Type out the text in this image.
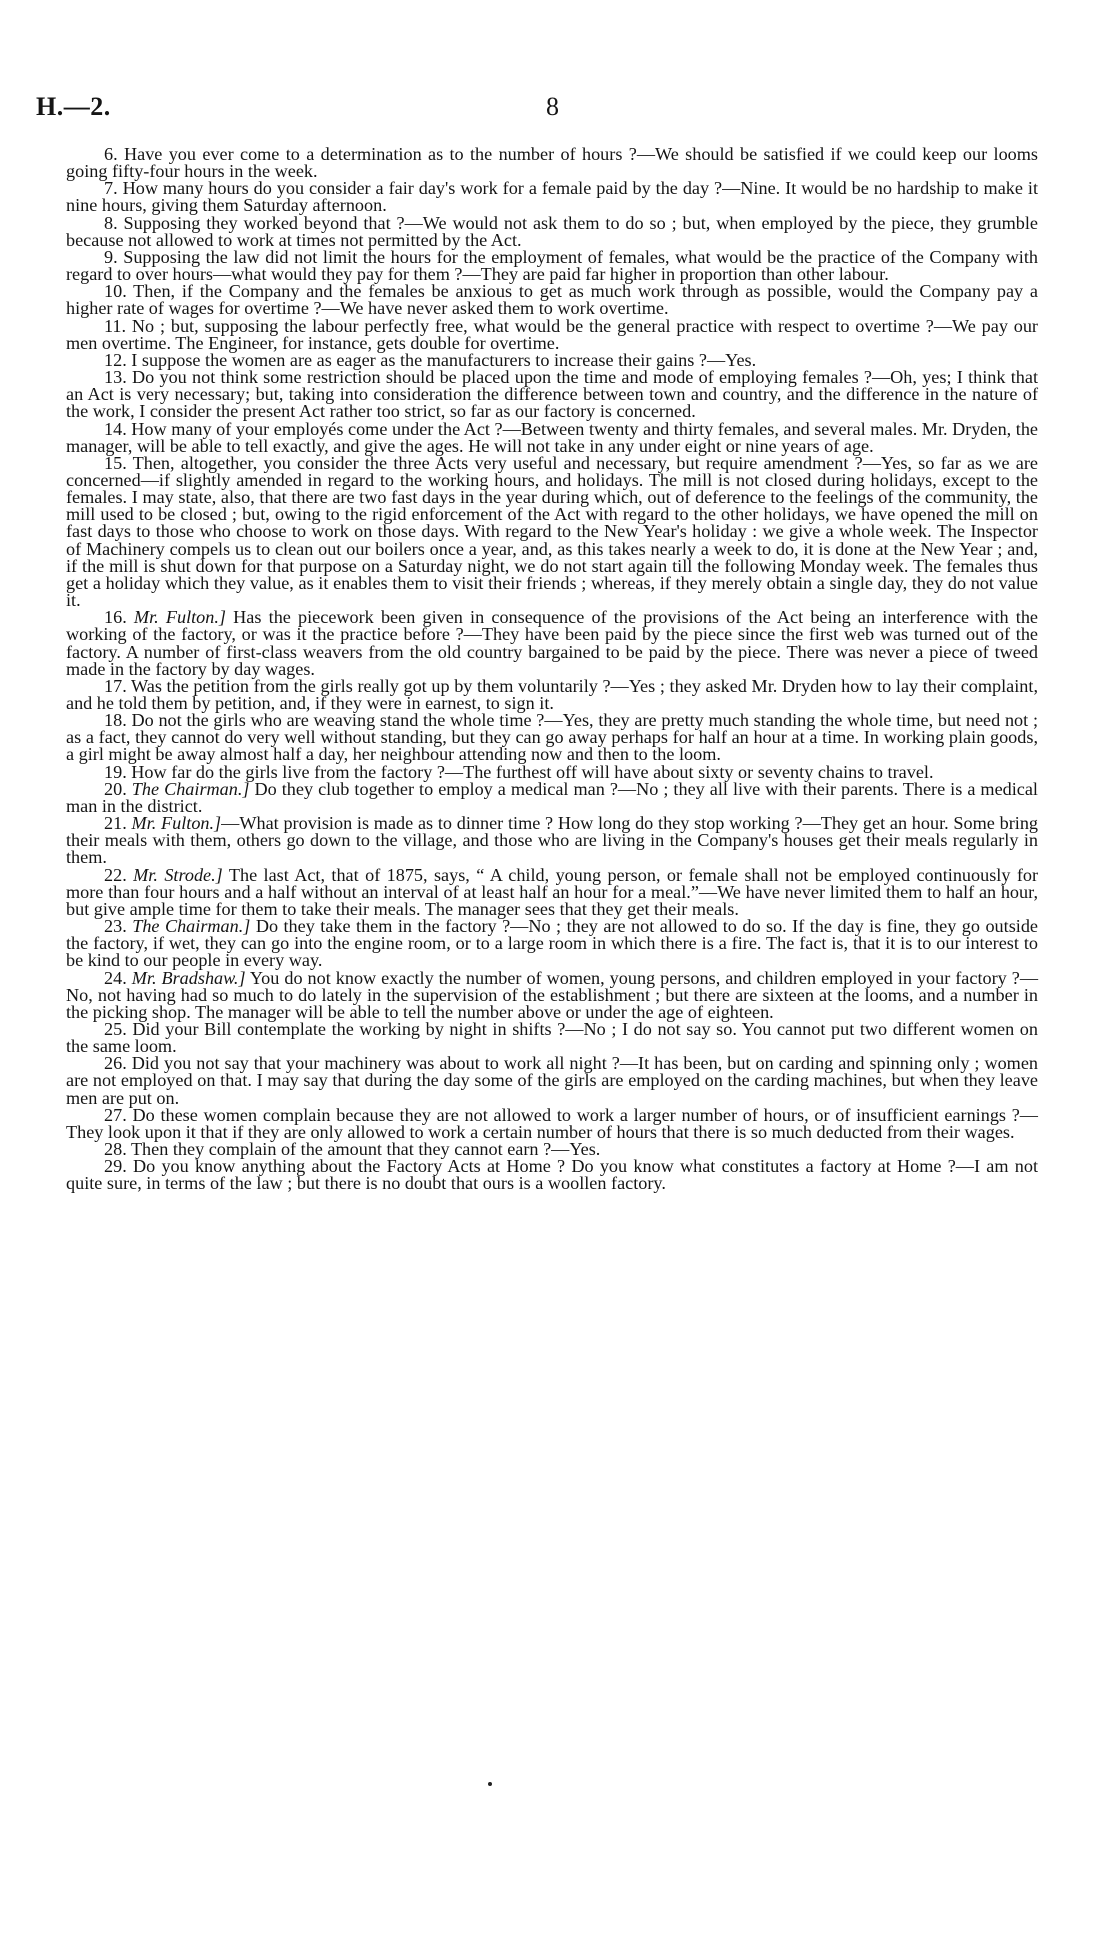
H.—2.	8

6. Have you ever come to a determination as to the number of hours ?—We should be satisfied if we could keep our looms going fifty-four hours in the week.

7. How many hours do you consider a fair day's work for a female paid by the day ?—Nine. It would be no hardship to make it nine hours, giving them Saturday afternoon.

8. Supposing they worked beyond that ?—We would not ask them to do so ; but, when employed by the piece, they grumble because not allowed to work at times not permitted by the Act.

9. Supposing the law did not limit the hours for the employment of females, what would be the practice of the Company with regard to over hours—what would they pay for them ?—They are paid far higher in proportion than other labour.

10. Then, if the Company and the females be anxious to get as much work through as possible, would the Company pay a higher rate of wages for overtime ?—We have never asked them to work overtime.

11. No ; but, supposing the labour perfectly free, what would be the general practice with respect to overtime ?—We pay our men overtime. The Engineer, for instance, gets double for overtime.

12. I suppose the women are as eager as the manufacturers to increase their gains ?—Yes.

13. Do you not think some restriction should be placed upon the time and mode of employing females ?—Oh, yes; I think that an Act is very necessary; but, taking into consideration the difference between town and country, and the difference in the nature of the work, I consider the present Act rather too strict, so far as our factory is concerned.

14. How many of your employés come under the Act ?—Between twenty and thirty females, and several males. Mr. Dryden, the manager, will be able to tell exactly, and give the ages. He will not take in any under eight or nine years of age.

15. Then, altogether, you consider the three Acts very useful and necessary, but require amendment ?—Yes, so far as we are concerned—if slightly amended in regard to the working hours, and holidays. The mill is not closed during holidays, except to the females. I may state, also, that there are two fast days in the year during which, out of deference to the feelings of the community, the mill used to be closed ; but, owing to the rigid enforcement of the Act with regard to the other holidays, we have opened the mill on fast days to those who choose to work on those days. With regard to the New Year's holiday : we give a whole week. The Inspector of Machinery compels us to clean out our boilers once a year, and, as this takes nearly a week to do, it is done at the New Year ; and, if the mill is shut down for that purpose on a Saturday night, we do not start again till the following Monday week. The females thus get a holiday which they value, as it enables them to visit their friends ; whereas, if they merely obtain a single day, they do not value it.

16. Mr. Fulton.] Has the piecework been given in consequence of the provisions of the Act being an interference with the working of the factory, or was it the practice before ?—They have been paid by the piece since the first web was turned out of the factory. A number of first-class weavers from the old country bargained to be paid by the piece. There was never a piece of tweed made in the factory by day wages.

17. Was the petition from the girls really got up by them voluntarily ?—Yes ; they asked Mr. Dryden how to lay their complaint, and he told them by petition, and, if they were in earnest, to sign it.

18. Do not the girls who are weaving stand the whole time ?—Yes, they are pretty much standing the whole time, but need not ; as a fact, they cannot do very well without standing, but they can go away perhaps for half an hour at a time. In working plain goods, a girl might be away almost half a day, her neighbour attending now and then to the loom.

19. How far do the girls live from the factory ?—The furthest off will have about sixty or seventy chains to travel.

20. The Chairman.] Do they club together to employ a medical man ?—No ; they all live with their parents. There is a medical man in the district.

21. Mr. Fulton.]—What provision is made as to dinner time ? How long do they stop working ?—They get an hour. Some bring their meals with them, others go down to the village, and those who are living in the Company's houses get their meals regularly in them.

22. Mr. Strode.] The last Act, that of 1875, says, “ A child, young person, or female shall not be employed continuously for more than four hours and a half without an interval of at least half an hour for a meal.”—We have never limited them to half an hour, but give ample time for them to take their meals. The manager sees that they get their meals.

23. The Chairman.] Do they take them in the factory ?—No ; they are not allowed to do so. If the day is fine, they go outside the factory, if wet, they can go into the engine room, or to a large room in which there is a fire. The fact is, that it is to our interest to be kind to our people in every way.

24. Mr. Bradshaw.] You do not know exactly the number of women, young persons, and children employed in your factory ?—No, not having had so much to do lately in the supervision of the establishment ; but there are sixteen at the looms, and a number in the picking shop. The manager will be able to tell the number above or under the age of eighteen.

25. Did your Bill contemplate the working by night in shifts ?—No ; I do not say so. You cannot put two different women on the same loom.

26. Did you not say that your machinery was about to work all night ?—It has been, but on carding and spinning only ; women are not employed on that. I may say that during the day some of the girls are employed on the carding machines, but when they leave men are put on.

27. Do these women complain because they are not allowed to work a larger number of hours, or of insufficient earnings ?—They look upon it that if they are only allowed to work a certain number of hours that there is so much deducted from their wages.

28. Then they complain of the amount that they cannot earn ?—Yes.

29. Do you know anything about the Factory Acts at Home ? Do you know what constitutes a factory at Home ?—I am not quite sure, in terms of the law ; but there is no doubt that ours is a woollen factory.
